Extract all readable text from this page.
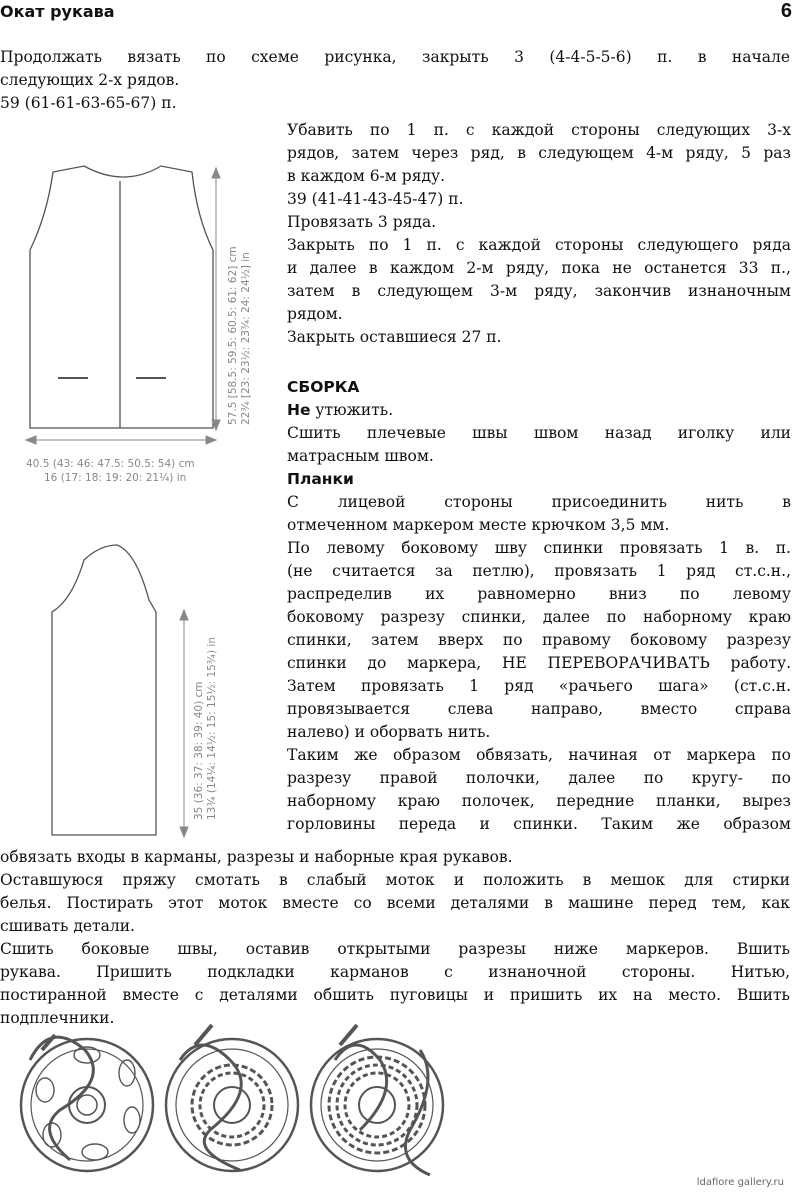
6
Окат рукава
Продолжать вязать по схеме рисунка, закрыть 3 (4-4-5-5-6) п. в начале
следующих 2-х рядов.
59 (61-61-63-65-67) п.
Убавить по 1 п. с каждой стороны следующих 3-х
рядов, затем через ряд, в следующем 4-м ряду, 5 раз
в каждом 6-м ряду.
39 (41-41-43-45-47) п.
Провязать 3 ряда.
Закрыть по 1 п. с каждой стороны следующего ряда
и далее в каждом 2-м ряду, пока не останется 33 п.,
затем в следующем 3-м ряду, закончив изнаночным
рядом.
Закрыть оставшиеся 27 п.
СБОРКА
Не утюжить.
Сшить плечевые швы швом назад иголку или
матрасным швом.
Планки
С лицевой стороны присоединить нить в
отмеченном маркером месте крючком 3,5 мм.
По левому боковому шву спинки провязать 1 в. п.
(не считается за петлю), провязать 1 ряд ст.с.н.,
распределив их равномерно вниз по левому
боковому разрезу спинки, далее по наборному краю
спинки, затем вверх по правому боковому разрезу
спинки до маркера, НЕ ПЕРЕВОРАЧИВАТЬ работу.
Затем провязать 1 ряд «рачьего шага» (ст.с.н.
провязывается слева направо, вместо справа
налево) и оборвать нить.
Таким же образом обвязать, начиная от маркера по
разрезу правой полочки, далее по кругу- по
наборному краю полочек, передние планки, вырез
горловины переда и спинки. Таким же образом
обвязать входы в карманы, разрезы и наборные края рукавов.
Оставшуюся пряжу смотать в слабый моток и положить в мешок для стирки
белья. Постирать этот моток вместе со всеми деталями в машине перед тем, как
сшивать детали.
Сшить боковые швы, оставив открытыми разрезы ниже маркеров. Вшить
рукава. Пришить подкладки карманов с изнаночной стороны. Нитью,
постиранной вместе с деталями обшить пуговицы и пришить их на место. Вшить
подплечники.
57.5 [58.5: 59.5: 60.5: 61: 62] cm 22¾ [23: 23½: 23¾: 24: 24½] in
40.5 (43: 46: 47.5: 50.5: 54) cm
16 (17: 18: 19: 20: 21¼) in
35 (36: 37: 38: 39: 40) cm 13¾ (14¼: 14½: 15: 15½: 15¾) in
ldafiore gallery.ru
